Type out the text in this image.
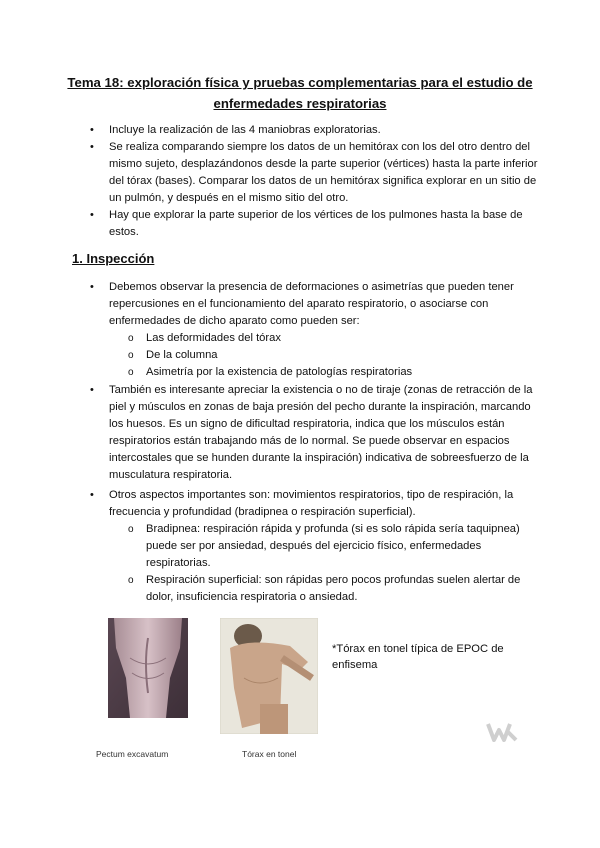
Tema 18: exploración física y pruebas complementarias para el estudio de enfermedades respiratorias
• Incluye la realización de las 4 maniobras exploratorias.
• Se realiza comparando siempre los datos de un hemitórax con los del otro dentro del mismo sujeto, desplazándonos desde la parte superior (vértices) hasta la parte inferior del tórax (bases). Comparar los datos de un hemitórax significa explorar en un sitio de un pulmón, y después en el mismo sitio del otro.
• Hay que explorar la parte superior de los vértices de los pulmones hasta la base de estos.
1. Inspección
• Debemos observar la presencia de deformaciones o asimetrías que pueden tener repercusiones en el funcionamiento del aparato respiratorio, o asociarse con enfermedades de dicho aparato como pueden ser:
o Las deformidades del tórax
o De la columna
o Asimetría por la existencia de patologías respiratorias
• También es interesante apreciar la existencia o no de tiraje (zonas de retracción de la piel y músculos en zonas de baja presión del pecho durante la inspiración, marcando los huesos. Es un signo de dificultad respiratoria, indica que los músculos están respiratorios están trabajando más de lo normal. Se puede observar en espacios intercostales que se hunden durante la inspiración) indicativa de sobreesfuerzo de la musculatura respiratoria.
• Otros aspectos importantes son: movimientos respiratorios, tipo de respiración, la frecuencia y profundidad (bradipnea o respiración superficial).
o Bradipnea: respiración rápida y profunda (si es solo rápida sería taquipnea) puede ser por ansiedad, después del ejercicio físico, enfermedades respiratorias.
o Respiración superficial: son rápidas pero pocos profundas suelen alertar de dolor, insuficiencia respiratoria o ansiedad.
Pectum excavatum	Tórax en tonel
*Tórax en tonel típica de EPOC de enfisema
